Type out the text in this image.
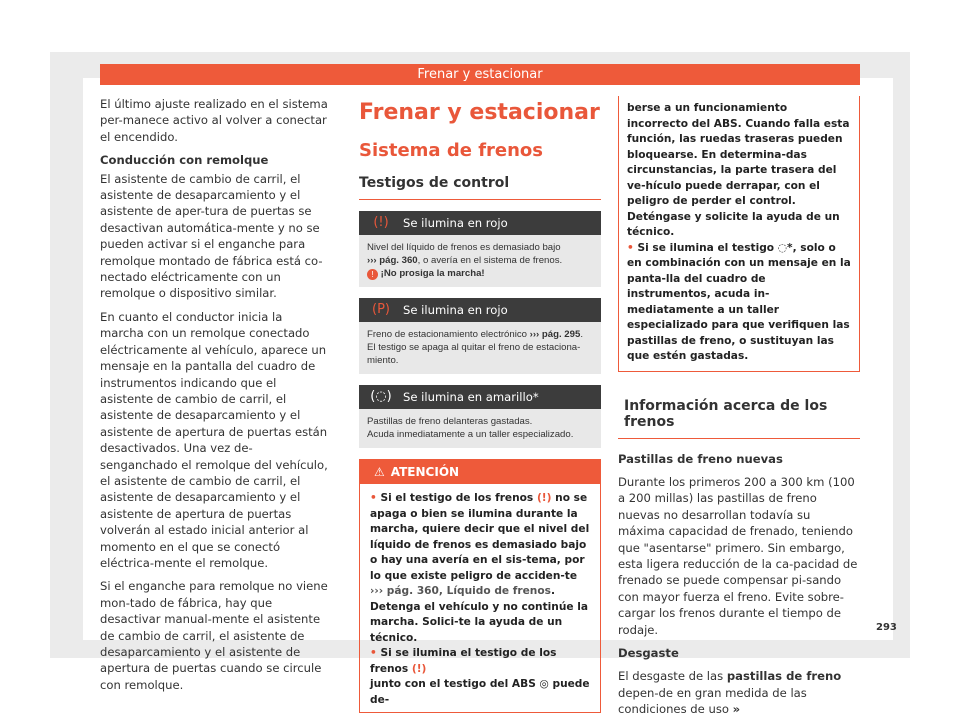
Frenar y estacionar

El último ajuste realizado en el sistema per-manece activo al volver a conectar el encendido.

Conducción con remolque

El asistente de cambio de carril, el asistente de desaparcamiento y el asistente de aper-tura de puertas se desactivan automática-mente y no se pueden activar si el enganche para remolque montado de fábrica está co-nectado eléctricamente con un remolque o dispositivo similar.

En cuanto el conductor inicia la marcha con un remolque conectado eléctricamente al vehículo, aparece un mensaje en la pantalla del cuadro de instrumentos indicando que el asistente de cambio de carril, el asistente de desaparcamiento y el asistente de apertura de puertas están desactivados. Una vez de-senganchado el remolque del vehículo, el asistente de cambio de carril, el asistente de desaparcamiento y el asistente de apertura de puertas volverán al estado inicial anterior al momento en el que se conectó eléctrica-mente el remolque.

Si el enganche para remolque no viene mon-tado de fábrica, hay que desactivar manual-mente el asistente de cambio de carril, el asistente de desaparcamiento y el asistente de apertura de puertas cuando se circule con remolque.

Frenar y estacionar
Sistema de frenos
Testigos de control
(!)	Se ilumina en rojo
Nivel del líquido de frenos es demasiado bajo
››› pág. 360, o avería en el sistema de frenos.
! ¡No prosiga la marcha!
(P)	Se ilumina en rojo
Freno de estacionamiento electrónico ››› pág. 295. El testigo se apaga al quitar el freno de estaciona-miento.
(◌) Se ilumina en amarillo*
Pastillas de freno delanteras gastadas.
Acuda inmediatamente a un taller especializado.
⚠ ATENCIÓN
• Si el testigo de los frenos (!) no se apaga o bien se ilumina durante la marcha, quiere decir que el nivel del líquido de frenos es demasiado bajo o hay una avería en el sis-tema, por lo que existe peligro de acciden-te ››› pág. 360, Líquido de frenos. Detenga el vehículo y no continúe la marcha. Solici-te la ayuda de un técnico.
• Si se ilumina el testigo de los frenos (!)
junto con el testigo del ABS ◎ puede de-
berse a un funcionamiento incorrecto del ABS. Cuando falla esta función, las ruedas traseras pueden bloquearse. En determina-das circunstancias, la parte trasera del ve-hículo puede derrapar, con el peligro de perder el control. Deténgase y solicite la ayuda de un técnico.
• Si se ilumina el testigo ◌*, solo o en combinación con un mensaje en la panta-lla del cuadro de instrumentos, acuda in-mediatamente a un taller especializado para que verifiquen las pastillas de freno, o sustituyan las que estén gastadas.
Información acerca de los frenos

Pastillas de freno nuevas

Durante los primeros 200 a 300 km (100 a 200 millas) las pastillas de freno nuevas no desarrollan todavía su máxima capacidad de frenado, teniendo que "asentarse" primero. Sin embargo, esta ligera reducción de la ca-pacidad de frenado se puede compensar pi-sando con mayor fuerza el freno. Evite sobre-cargar los frenos durante el tiempo de rodaje.

Desgaste

El desgaste de las pastillas de freno depen-de en gran medida de las condiciones de uso »

293
